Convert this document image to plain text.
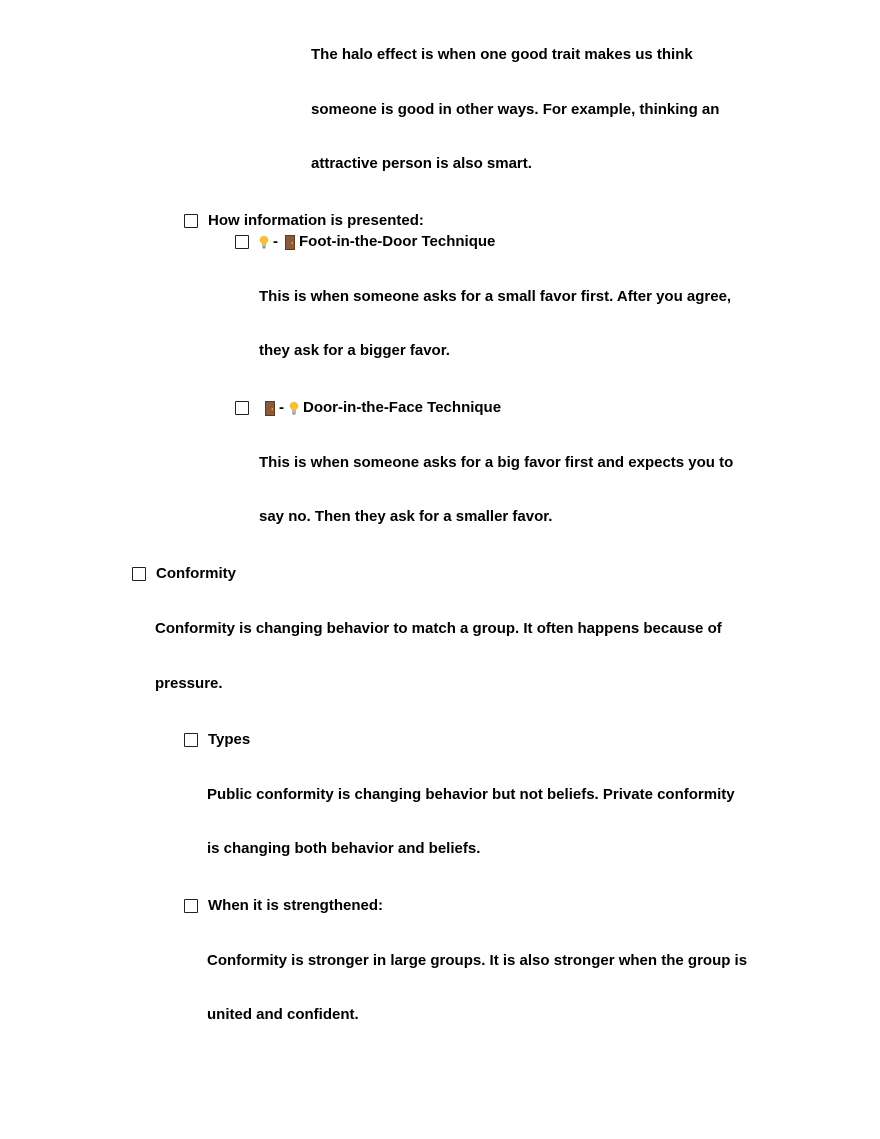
The halo effect is when one good trait makes us think
someone is good in other ways. For example, thinking an
attractive person is also smart.
How information is presented:
- Foot-in-the-Door Technique
This is when someone asks for a small favor first. After you agree,
they ask for a bigger favor.
- Door-in-the-Face Technique
This is when someone asks for a big favor first and expects you to
say no. Then they ask for a smaller favor.
Conformity
Conformity is changing behavior to match a group. It often happens because of
pressure.
Types
Public conformity is changing behavior but not beliefs. Private conformity
is changing both behavior and beliefs.
When it is strengthened:
Conformity is stronger in large groups. It is also stronger when the group is
united and confident.
